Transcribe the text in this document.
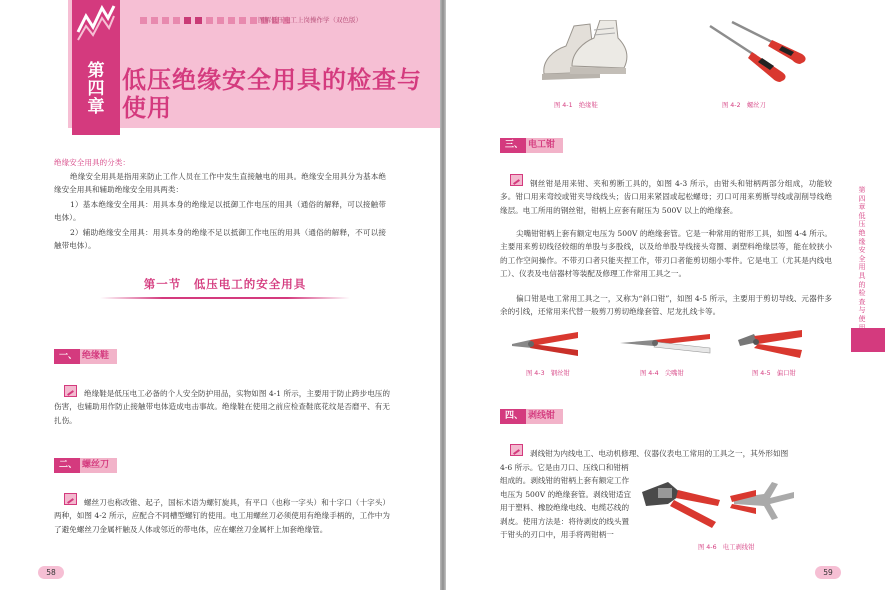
图解低压电工上岗操作学（双色版）
第四章
低压绝缘安全用具的检查与使用
绝缘安全用具的分类：
绝缘安全用具是指用来防止工作人员在工作中发生直接触电的用具。绝缘安全用具分为基本绝缘安全用具和辅助绝缘安全用具两类：
1）基本绝缘安全用具：用具本身的绝缘足以抵御工作电压的用具（通俗的解释，可以接触带电体）。
2）辅助绝缘安全用具：用具本身的绝缘不足以抵御工作电压的用具（通俗的解释，不可以接触带电体）。
第一节　低压电工的安全用具
一、 绝缘鞋
绝缘鞋是低压电工必备的个人安全防护用品，实物如图 4-1 所示，主要用于防止跨步电压的伤害，也辅助用作防止接触带电体造成电击事故。绝缘鞋在使用之前应检查鞋底花纹是否磨平、有无扎伤。
二、 螺丝刀
螺丝刀也称改锥、起子，国标术语为螺钉旋具，有平口（也称一字头）和十字口（十字头）两种，如图 4-2 所示，应配合不同槽型螺钉的使用。电工用螺丝刀必须使用有绝缘手柄的，工作中为了避免螺丝刀金属杆触及人体或邻近的带电体，应在螺丝刀金属杆上加套绝缘管。
58
图 4-1　绝缘鞋	图 4-2　螺丝刀
三、 电工钳
钢丝钳是用来钳、夹和剪断工具的，如图 4-3 所示，由钳头和钳柄两部分组成，功能较多。钳口用来弯绞或钳夹导线线头；齿口用来紧固或起松螺母；刃口可用来剪断导线或剖削导线绝缘层。电工所用的钢丝钳，钳柄上应套有耐压为 500V 以上的绝缘套。
尖嘴钳钳柄上套有额定电压为 500V 的绝缘套管。它是一种常用的钳形工具，如图 4-4 所示。主要用来剪切线径较细的单股与多股线，以及给单股导线接头弯圈、剥塑料绝缘层等，能在较狭小的工作空间操作。不带刃口者只能夹捏工作，带刃口者能剪切细小零件。它是电工（尤其是内线电工）、仪表及电信器材等装配及修理工作常用工具之一。
偏口钳是电工常用工具之一，又称为“斜口钳”，如图 4-5 所示，主要用于剪切导线、元器件多余的引线，还常用来代替一般剪刀剪切绝缘套管、尼龙扎线卡等。
图 4-3　钢丝钳	图 4-4　尖嘴钳	图 4-5　偏口钳
四、 剥线钳
剥线钳为内线电工、电动机修理、仪器仪表电工常用的工具之一，其外形如图
4-6 所示。它是由刀口、压线口和钳柄组成的。剥线钳的钳柄上套有额定工作电压为 500V 的绝缘套管。剥线钳适宜用于塑料、橡胶绝缘电线、电缆芯线的剥皮。使用方法是：将待剥皮的线头置于钳头的刃口中，用手将两钳柄一
图 4-6　电工剥线钳
第四章　低压绝缘安全用具的检查与使
59
